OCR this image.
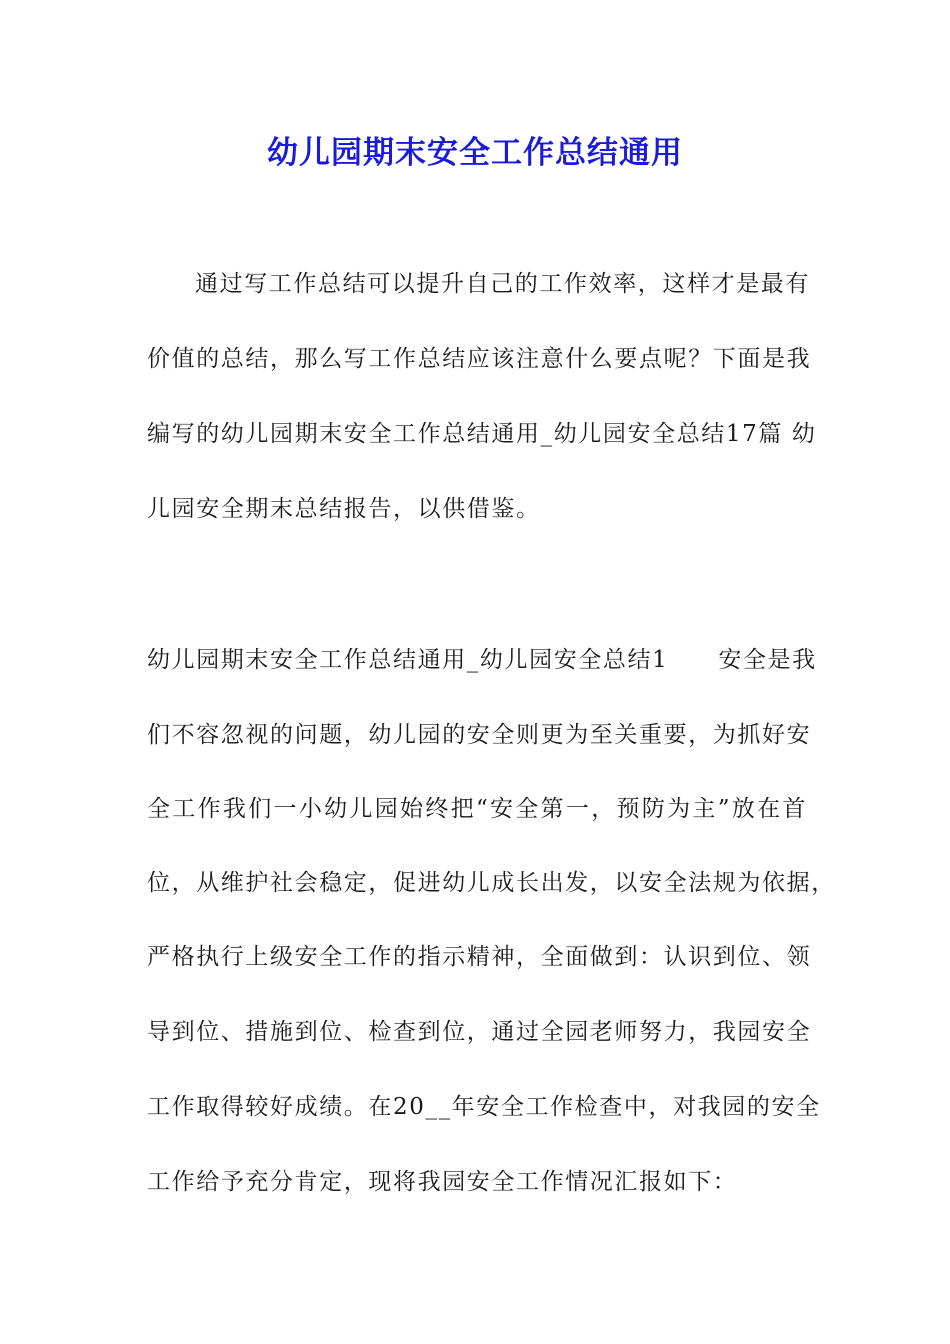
幼儿园期末安全工作总结通用

通过写工作总结可以提升自己的工作效率，这样才是最有

价值的总结，那么写工作总结应该注意什么要点呢？下面是我

编写的幼儿园期末安全工作总结通用_幼儿园安全总结17篇 幼

儿园安全期末总结报告，以供借鉴。

幼儿园期末安全工作总结通用_幼儿园安全总结1 安全是我

们不容忽视的问题，幼儿园的安全则更为至关重要，为抓好安

全工作我们一小幼儿园始终把“安全第一，预防为主”放在首

位，从维护社会稳定，促进幼儿成长出发，以安全法规为依据，

严格执行上级安全工作的指示精神，全面做到：认识到位、领

导到位、措施到位、检查到位，通过全园老师努力，我园安全

工作取得较好成绩。在20__年安全工作检查中，对我园的安全

工作给予充分肯定，现将我园安全工作情况汇报如下：
